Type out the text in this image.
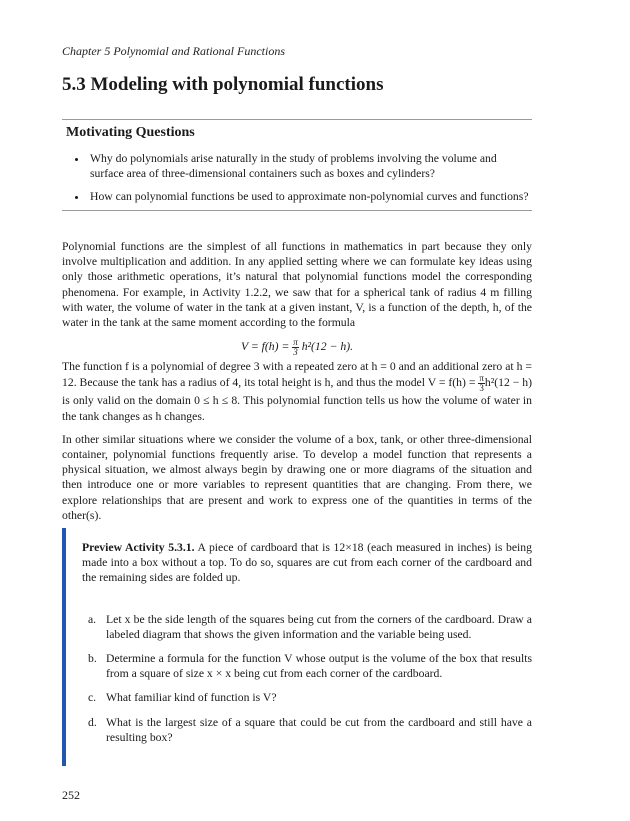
Chapter 5 Polynomial and Rational Functions
5.3 Modeling with polynomial functions
Motivating Questions
• Why do polynomials arise naturally in the study of problems involving the volume and surface area of three-dimensional containers such as boxes and cylinders?
• How can polynomial functions be used to approximate non-polynomial curves and functions?

Polynomial functions are the simplest of all functions in mathematics in part because they only involve multiplication and addition. In any applied setting where we can formulate key ideas using only those arithmetic operations, it’s natural that polynomial functions model the corresponding phenomena. For example, in Activity 1.2.2, we saw that for a spherical tank of radius 4 m filling with water, the volume of water in the tank at a given instant, V, is a function of the depth, h, of the water in the tank at the same moment according to the formula

$V = f(h) = \frac{\pi}{3} h^2(12 - h)$.

The function f is a polynomial of degree 3 with a repeated zero at h = 0 and an additional zero at h = 12. Because the tank has a radius of 4, its total height is h, and thus the model $V = f(h) = \frac{\pi}{3} h^2(12 - h)$ is only valid on the domain 0 ≤ h ≤ 8. This polynomial function tells us how the volume of water in the tank changes as h changes.

In other similar situations where we consider the volume of a box, tank, or other three-dimensional container, polynomial functions frequently arise. To develop a model function that represents a physical situation, we almost always begin by drawing one or more diagrams of the situation and then introduce one or more variables to represent quantities that are changing. From there, we explore relationships that are present and work to express one of the quantities in terms of the other(s).

Preview Activity 5.3.1. A piece of cardboard that is 12×18 (each measured in inches) is being made into a box without a top. To do so, squares are cut from each corner of the cardboard and the remaining sides are folded up.
a. Let x be the side length of the squares being cut from the corners of the cardboard. Draw a labeled diagram that shows the given information and the variable being used.
b. Determine a formula for the function V whose output is the volume of the box that results from a square of size x × x being cut from each corner of the cardboard.
c. What familiar kind of function is V?
d. What is the largest size of a square that could be cut from the cardboard and still have a resulting box?
252
